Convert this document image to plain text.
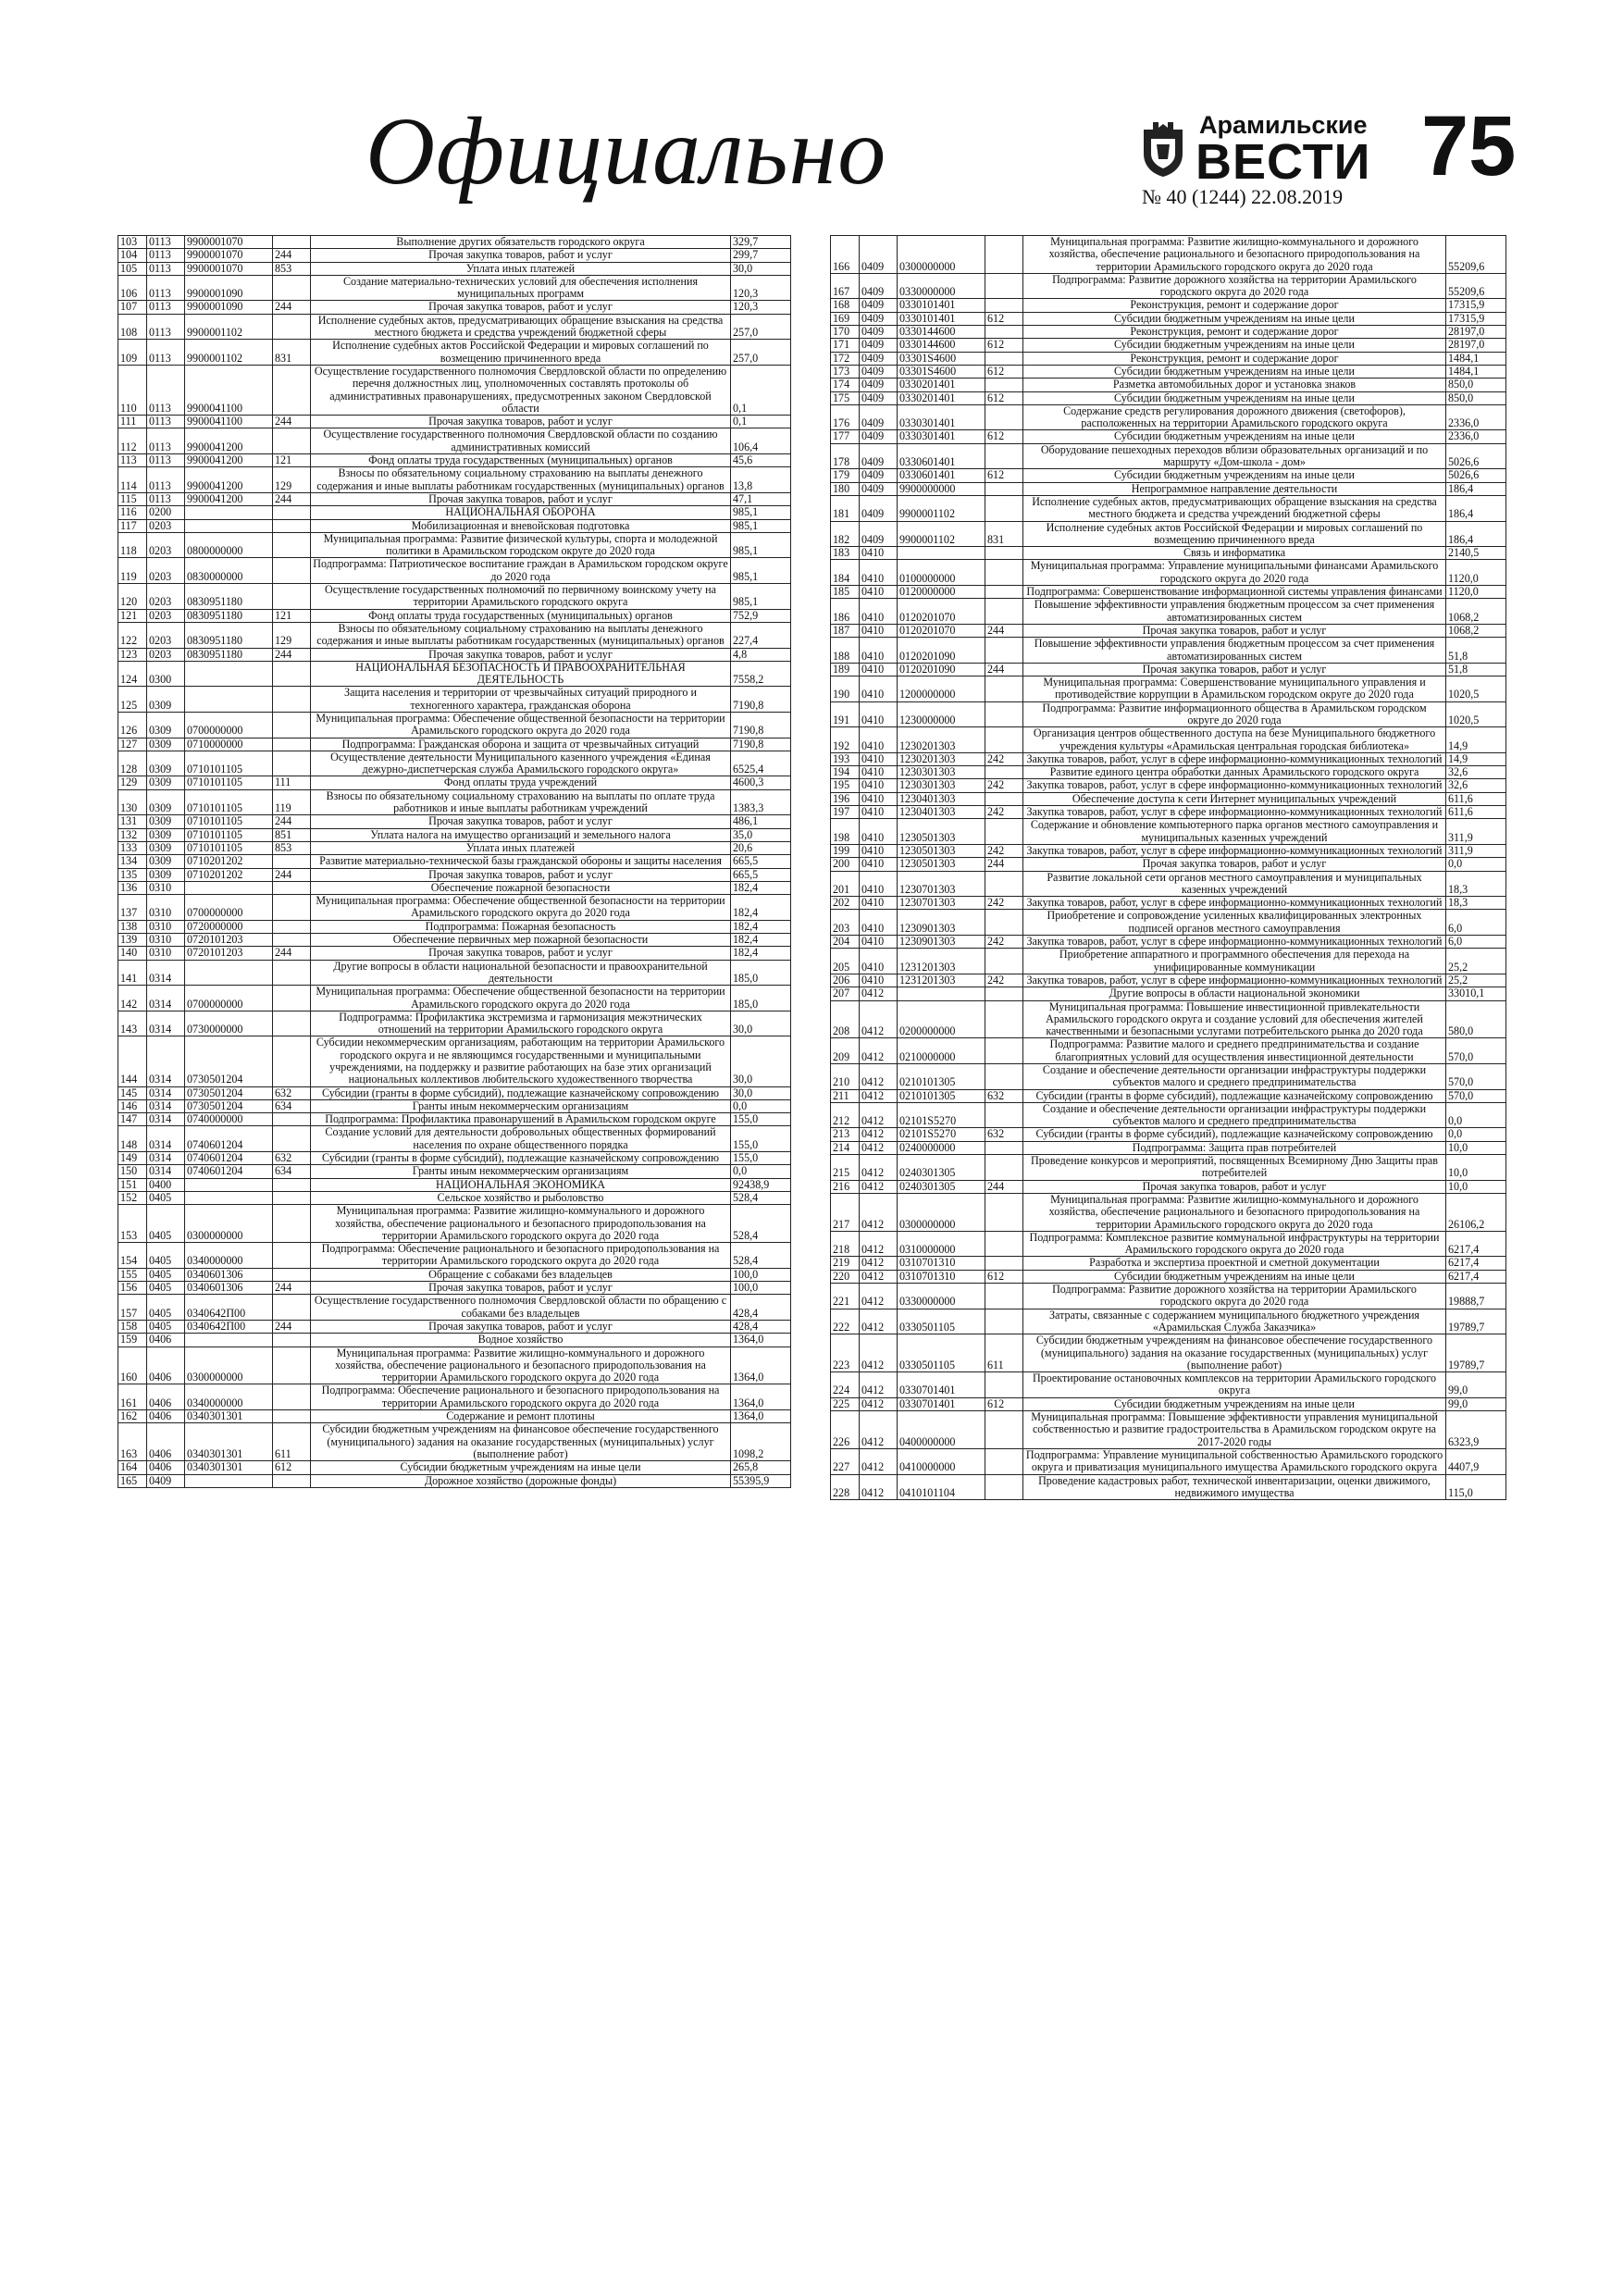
Официально	Арамильские
ВЕСТИ 75
№ 40 (1244) 22.08.2019
103	0113	9900001070		Выполнение других обязательств городского округа	329,7
104	0113	9900001070	244	Прочая закупка товаров, работ и услуг	299,7
105	0113	9900001070	853	Уплата иных платежей	30,0
106	0113	9900001090		Создание материально-технических условий для обеспечения исполнения муниципальных программ	120,3
107	0113	9900001090	244	Прочая закупка товаров, работ и услуг	120,3
108	0113	9900001102		Исполнение судебных актов, предусматривающих обращение взыскания на средства местного бюджета и средства учреждений бюджетной сферы	257,0
109	0113	9900001102	831	Исполнение судебных актов Российской Федерации и мировых соглашений по возмещению причиненного вреда	257,0
110	0113	9900041100		Осуществление государственного полномочия Свердловской области по определению перечня должностных лиц, уполномоченных составлять протоколы об административных правонарушениях, предусмотренных законом Свердловской области	0,1
111	0113	9900041100	244	Прочая закупка товаров, работ и услуг	0,1
112	0113	9900041200		Осуществление государственного полномочия Свердловской области по созданию административных комиссий	106,4
113	0113	9900041200	121	Фонд оплаты труда государственных (муниципальных) органов	45,6
114	0113	9900041200	129	Взносы по обязательному социальному страхованию на выплаты денежного содержания и иные выплаты работникам государственных (муниципальных) органов	13,8
115	0113	9900041200	244	Прочая закупка товаров, работ и услуг	47,1
116	0200			НАЦИОНАЛЬНАЯ ОБОРОНА	985,1
117	0203			Мобилизационная и вневойсковая подготовка	985,1
118	0203	0800000000		Муниципальная программа: Развитие физической культуры, спорта и молодежной политики в Арамильском городском округе до 2020 года	985,1
119	0203	0830000000		Подпрограмма: Патриотическое воспитание граждан в Арамильском городском округе до 2020 года	985,1
120	0203	0830951180		Осуществление государственных полномочий по первичному воинскому учету на территории Арамильского городского округа	985,1
121	0203	0830951180	121	Фонд оплаты труда государственных (муниципальных) органов	752,9
122	0203	0830951180	129	Взносы по обязательному социальному страхованию на выплаты денежного содержания и иные выплаты работникам государственных (муниципальных) органов	227,4
123	0203	0830951180	244	Прочая закупка товаров, работ и услуг	4,8
124	0300			НАЦИОНАЛЬНАЯ БЕЗОПАСНОСТЬ И ПРАВООХРАНИТЕЛЬНАЯ ДЕЯТЕЛЬНОСТЬ	7558,2
125	0309			Защита населения и территории от чрезвычайных ситуаций природного и техногенного характера, гражданская оборона	7190,8
126	0309	0700000000		Муниципальная программа: Обеспечение общественной безопасности на территории Арамильского городского округа до 2020 года	7190,8
127	0309	0710000000		Подпрограмма: Гражданская оборона и защита от чрезвычайных ситуаций	7190,8
128	0309	0710101105		Осуществление деятельности Муниципального казенного учреждения «Единая дежурно-диспетчерская служба Арамильского городского округа»	6525,4
129	0309	0710101105	111	Фонд оплаты труда учреждений	4600,3
130	0309	0710101105	119	Взносы по обязательному социальному страхованию на выплаты по оплате труда работников и иные выплаты работникам учреждений	1383,3
131	0309	0710101105	244	Прочая закупка товаров, работ и услуг	486,1
132	0309	0710101105	851	Уплата налога на имущество организаций и земельного налога	35,0
133	0309	0710101105	853	Уплата иных платежей	20,6
134	0309	0710201202		Развитие материально-технической базы гражданской обороны и защиты населения	665,5
135	0309	0710201202	244	Прочая закупка товаров, работ и услуг	665,5
136	0310			Обеспечение пожарной безопасности	182,4
137	0310	0700000000		Муниципальная программа: Обеспечение общественной безопасности на территории Арамильского городского округа до 2020 года	182,4
138	0310	0720000000		Подпрограмма: Пожарная безопасность	182,4
139	0310	0720101203		Обеспечение первичных мер пожарной безопасности	182,4
140	0310	0720101203	244	Прочая закупка товаров, работ и услуг	182,4
141	0314			Другие вопросы в области национальной безопасности и правоохранительной деятельности	185,0
142	0314	0700000000		Муниципальная программа: Обеспечение общественной безопасности на территории Арамильского городского округа до 2020 года	185,0
143	0314	0730000000		Подпрограмма: Профилактика экстремизма и гармонизация межэтнических отношений на территории Арамильского городского округа	30,0
144	0314	0730501204		Субсидии некоммерческим организациям, работающим на территории Арамильского городского округа и не являющимся государственными и муниципальными учреждениями, на поддержку и развитие работающих на базе этих организаций национальных коллективов любительского художественного творчества	30,0
145	0314	0730501204	632	Субсидии (гранты в форме субсидий), подлежащие казначейскому сопровождению	30,0
146	0314	0730501204	634	Гранты иным некоммерческим организациям	0,0
147	0314	0740000000		Подпрограмма: Профилактика правонарушений в Арамильском городском округе	155,0
148	0314	0740601204		Создание условий для деятельности добровольных общественных формирований населения по охране общественного порядка	155,0
149	0314	0740601204	632	Субсидии (гранты в форме субсидий), подлежащие казначейскому сопровождению	155,0
150	0314	0740601204	634	Гранты иным некоммерческим организациям	0,0
151	0400			НАЦИОНАЛЬНАЯ ЭКОНОМИКА	92438,9
152	0405			Сельское хозяйство и рыболовство	528,4
153	0405	0300000000		Муниципальная программа: Развитие жилищно-коммунального и дорожного хозяйства, обеспечение рационального и безопасного природопользования на территории Арамильского городского округа до 2020 года	528,4
154	0405	0340000000		Подпрограмма: Обеспечение рационального и безопасного природопользования на территории Арамильского городского округа до 2020 года	528,4
155	0405	0340601306		Обращение с собаками без владельцев	100,0
156	0405	0340601306	244	Прочая закупка товаров, работ и услуг	100,0
157	0405	0340642П00		Осуществление государственного полномочия Свердловской области по обращению с собаками без владельцев	428,4
158	0405	0340642П00	244	Прочая закупка товаров, работ и услуг	428,4
159	0406			Водное хозяйство	1364,0
160	0406	0300000000		Муниципальная программа: Развитие жилищно-коммунального и дорожного хозяйства, обеспечение рационального и безопасного природопользования на территории Арамильского городского округа до 2020 года	1364,0
161	0406	0340000000		Подпрограмма: Обеспечение рационального и безопасного природопользования на территории Арамильского городского округа до 2020 года	1364,0
162	0406	0340301301		Содержание и ремонт плотины	1364,0
163	0406	0340301301	611	Субсидии бюджетным учреждениям на финансовое обеспечение государственного (муниципального) задания на оказание государственных (муниципальных) услуг (выполнение работ)	1098,2
164	0406	0340301301	612	Субсидии бюджетным учреждениям на иные цели	265,8
165	0409			Дорожное хозяйство (дорожные фонды)	55395,9
166	0409	0300000000		Муниципальная программа: Развитие жилищно-коммунального и дорожного хозяйства, обеспечение рационального и безопасного природопользования на территории Арамильского городского округа до 2020 года	55209,6
167	0409	0330000000		Подпрограмма: Развитие дорожного хозяйства на территории Арамильского городского округа до 2020 года	55209,6
168	0409	0330101401		Реконструкция, ремонт и содержание дорог	17315,9
169	0409	0330101401	612	Субсидии бюджетным учреждениям на иные цели	17315,9
170	0409	0330144600		Реконструкция, ремонт и содержание дорог	28197,0
171	0409	0330144600	612	Субсидии бюджетным учреждениям на иные цели	28197,0
172	0409	03301S4600		Реконструкция, ремонт и содержание дорог	1484,1
173	0409	03301S4600	612	Субсидии бюджетным учреждениям на иные цели	1484,1
174	0409	0330201401		Разметка автомобильных дорог и установка знаков	850,0
175	0409	0330201401	612	Субсидии бюджетным учреждениям на иные цели	850,0
176	0409	0330301401		Содержание средств регулирования дорожного движения (светофоров), расположенных на территории Арамильского городского округа	2336,0
177	0409	0330301401	612	Субсидии бюджетным учреждениям на иные цели	2336,0
178	0409	0330601401		Оборудование пешеходных переходов вблизи образовательных организаций и по маршруту «Дом-школа - дом»	5026,6
179	0409	0330601401	612	Субсидии бюджетным учреждениям на иные цели	5026,6
180	0409	9900000000		Непрограммное направление деятельности	186,4
181	0409	9900001102		Исполнение судебных актов, предусматривающих обращение взыскания на средства местного бюджета и средства учреждений бюджетной сферы	186,4
182	0409	9900001102	831	Исполнение судебных актов Российской Федерации и мировых соглашений по возмещению причиненного вреда	186,4
183	0410			Связь и информатика	2140,5
184	0410	0100000000		Муниципальная программа: Управление муниципальными финансами Арамильского городского округа до 2020 года	1120,0
185	0410	0120000000		Подпрограмма: Совершенствование информационной системы управления финансами	1120,0
186	0410	0120201070		Повышение эффективности управления бюджетным процессом за счет применения автоматизированных систем	1068,2
187	0410	0120201070	244	Прочая закупка товаров, работ и услуг	1068,2
188	0410	0120201090		Повышение эффективности управления бюджетным процессом за счет применения автоматизированных систем	51,8
189	0410	0120201090	244	Прочая закупка товаров, работ и услуг	51,8
190	0410	1200000000		Муниципальная программа: Совершенствование муниципального управления и противодействие коррупции в Арамильском городском округе до 2020 года	1020,5
191	0410	1230000000		Подпрограмма: Развитие информационного общества в Арамильском городском округе до 2020 года	1020,5
192	0410	1230201303		Организация центров общественного доступа на безе Муниципального бюджетного учреждения культуры «Арамильская центральная городская библиотека»	14,9
193	0410	1230201303	242	Закупка товаров, работ, услуг в сфере информационно-коммуникационных технологий	14,9
194	0410	1230301303		Развитие единого центра обработки данных Арамильского городского округа	32,6
195	0410	1230301303	242	Закупка товаров, работ, услуг в сфере информационно-коммуникационных технологий	32,6
196	0410	1230401303		Обеспечение доступа к сети Интернет муниципальных учреждений	611,6
197	0410	1230401303	242	Закупка товаров, работ, услуг в сфере информационно-коммуникационных технологий	611,6
198	0410	1230501303		Содержание и обновление компьютерного парка органов местного самоуправления и муниципальных казенных учреждений	311,9
199	0410	1230501303	242	Закупка товаров, работ, услуг в сфере информационно-коммуникационных технологий	311,9
200	0410	1230501303	244	Прочая закупка товаров, работ и услуг	0,0
201	0410	1230701303		Развитие локальной сети органов местного самоуправления и муниципальных казенных учреждений	18,3
202	0410	1230701303	242	Закупка товаров, работ, услуг в сфере информационно-коммуникационных технологий	18,3
203	0410	1230901303		Приобретение и сопровождение усиленных квалифицированных электронных подписей органов местного самоуправления	6,0
204	0410	1230901303	242	Закупка товаров, работ, услуг в сфере информационно-коммуникационных технологий	6,0
205	0410	1231201303		Приобретение аппаратного и программного обеспечения для перехода на унифицированные коммуникации	25,2
206	0410	1231201303	242	Закупка товаров, работ, услуг в сфере информационно-коммуникационных технологий	25,2
207	0412			Другие вопросы в области национальной экономики	33010,1
208	0412	0200000000		Муниципальная программа: Повышение инвестиционной привлекательности Арамильского городского округа и создание условий для обеспечения жителей качественными и безопасными услугами потребительского рынка до 2020 года	580,0
209	0412	0210000000		Подпрограмма: Развитие малого и среднего предпринимательства и создание благоприятных условий для осуществления инвестиционной деятельности	570,0
210	0412	0210101305		Создание и обеспечение деятельности организации инфраструктуры поддержки субъектов малого и среднего предпринимательства	570,0
211	0412	0210101305	632	Субсидии (гранты в форме субсидий), подлежащие казначейскому сопровождению	570,0
212	0412	02101S5270		Создание и обеспечение деятельности организации инфраструктуры поддержки субъектов малого и среднего предпринимательства	0,0
213	0412	02101S5270	632	Субсидии (гранты в форме субсидий), подлежащие казначейскому сопровождению	0,0
214	0412	0240000000		Подпрограмма: Защита прав потребителей	10,0
215	0412	0240301305		Проведение конкурсов и мероприятий, посвященных Всемирному Дню Защиты прав потребителей	10,0
216	0412	0240301305	244	Прочая закупка товаров, работ и услуг	10,0
217	0412	0300000000		Муниципальная программа: Развитие жилищно-коммунального и дорожного хозяйства, обеспечение рационального и безопасного природопользования на территории Арамильского городского округа до 2020 года	26106,2
218	0412	0310000000		Подпрограмма: Комплексное развитие коммунальной инфраструктуры на территории Арамильского городского округа до 2020 года	6217,4
219	0412	0310701310		Разработка и экспертиза проектной и сметной документации	6217,4
220	0412	0310701310	612	Субсидии бюджетным учреждениям на иные цели	6217,4
221	0412	0330000000		Подпрограмма: Развитие дорожного хозяйства на территории Арамильского городского округа до 2020 года	19888,7
222	0412	0330501105		Затраты, связанные с содержанием муниципального бюджетного учреждения «Арамильская Служба Заказчика»	19789,7
223	0412	0330501105	611	Субсидии бюджетным учреждениям на финансовое обеспечение государственного (муниципального) задания на оказание государственных (муниципальных) услуг (выполнение работ)	19789,7
224	0412	0330701401		Проектирование остановочных комплексов на территории Арамильского городского округа	99,0
225	0412	0330701401	612	Субсидии бюджетным учреждениям на иные цели	99,0
226	0412	0400000000		Муниципальная программа: Повышение эффективности управления муниципальной собственностью и развитие градостроительства в Арамильском городском округе на 2017-2020 годы	6323,9
227	0412	0410000000		Подпрограмма: Управление муниципальной собственностью Арамильского городского округа и приватизация муниципального имущества Арамильского городского округа	4407,9
228	0412	0410101104		Проведение кадастровых работ, технической инвентаризации, оценки движимого, недвижимого имущества	115,0
